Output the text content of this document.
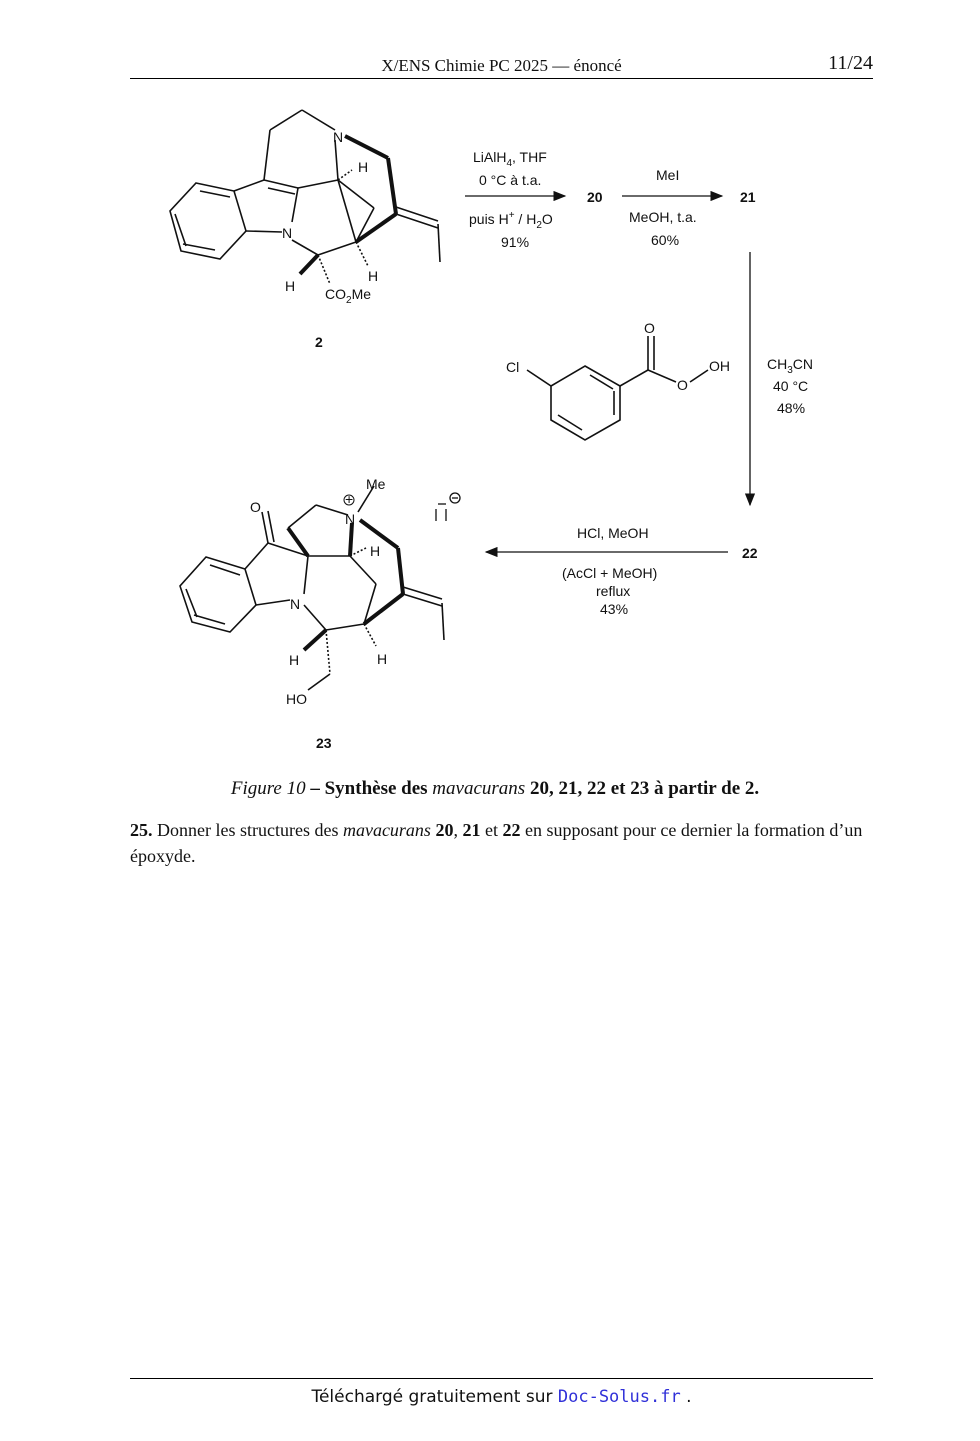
X/ENS Chimie PC 2025 — énoncé	11/24
N
N
H
H
H $CO_2Me$
2
LiAlH$_4$, THF
0 °C à t.a.
puis $H^+ / H_2O$
91%
20
MeI
MeOH, t.a.
60%
21
Cl
O
O
OH	$CH_3CN$
40 °C
48%
22
HCl, MeOH
(AcCl + MeOH)
reflux
43%
O
N
+
Me
N
H
H
H
HO
23
Figure 10 – Synthèse des mavacurans 20, 21, 22 et 23 à partir de 2.
25. Donner les structures des mavacurans 20, 21 et 22 en supposant pour ce dernier la formation d’un époxyde.
Téléchargé gratuitement sur Doc-Solus.fr .
